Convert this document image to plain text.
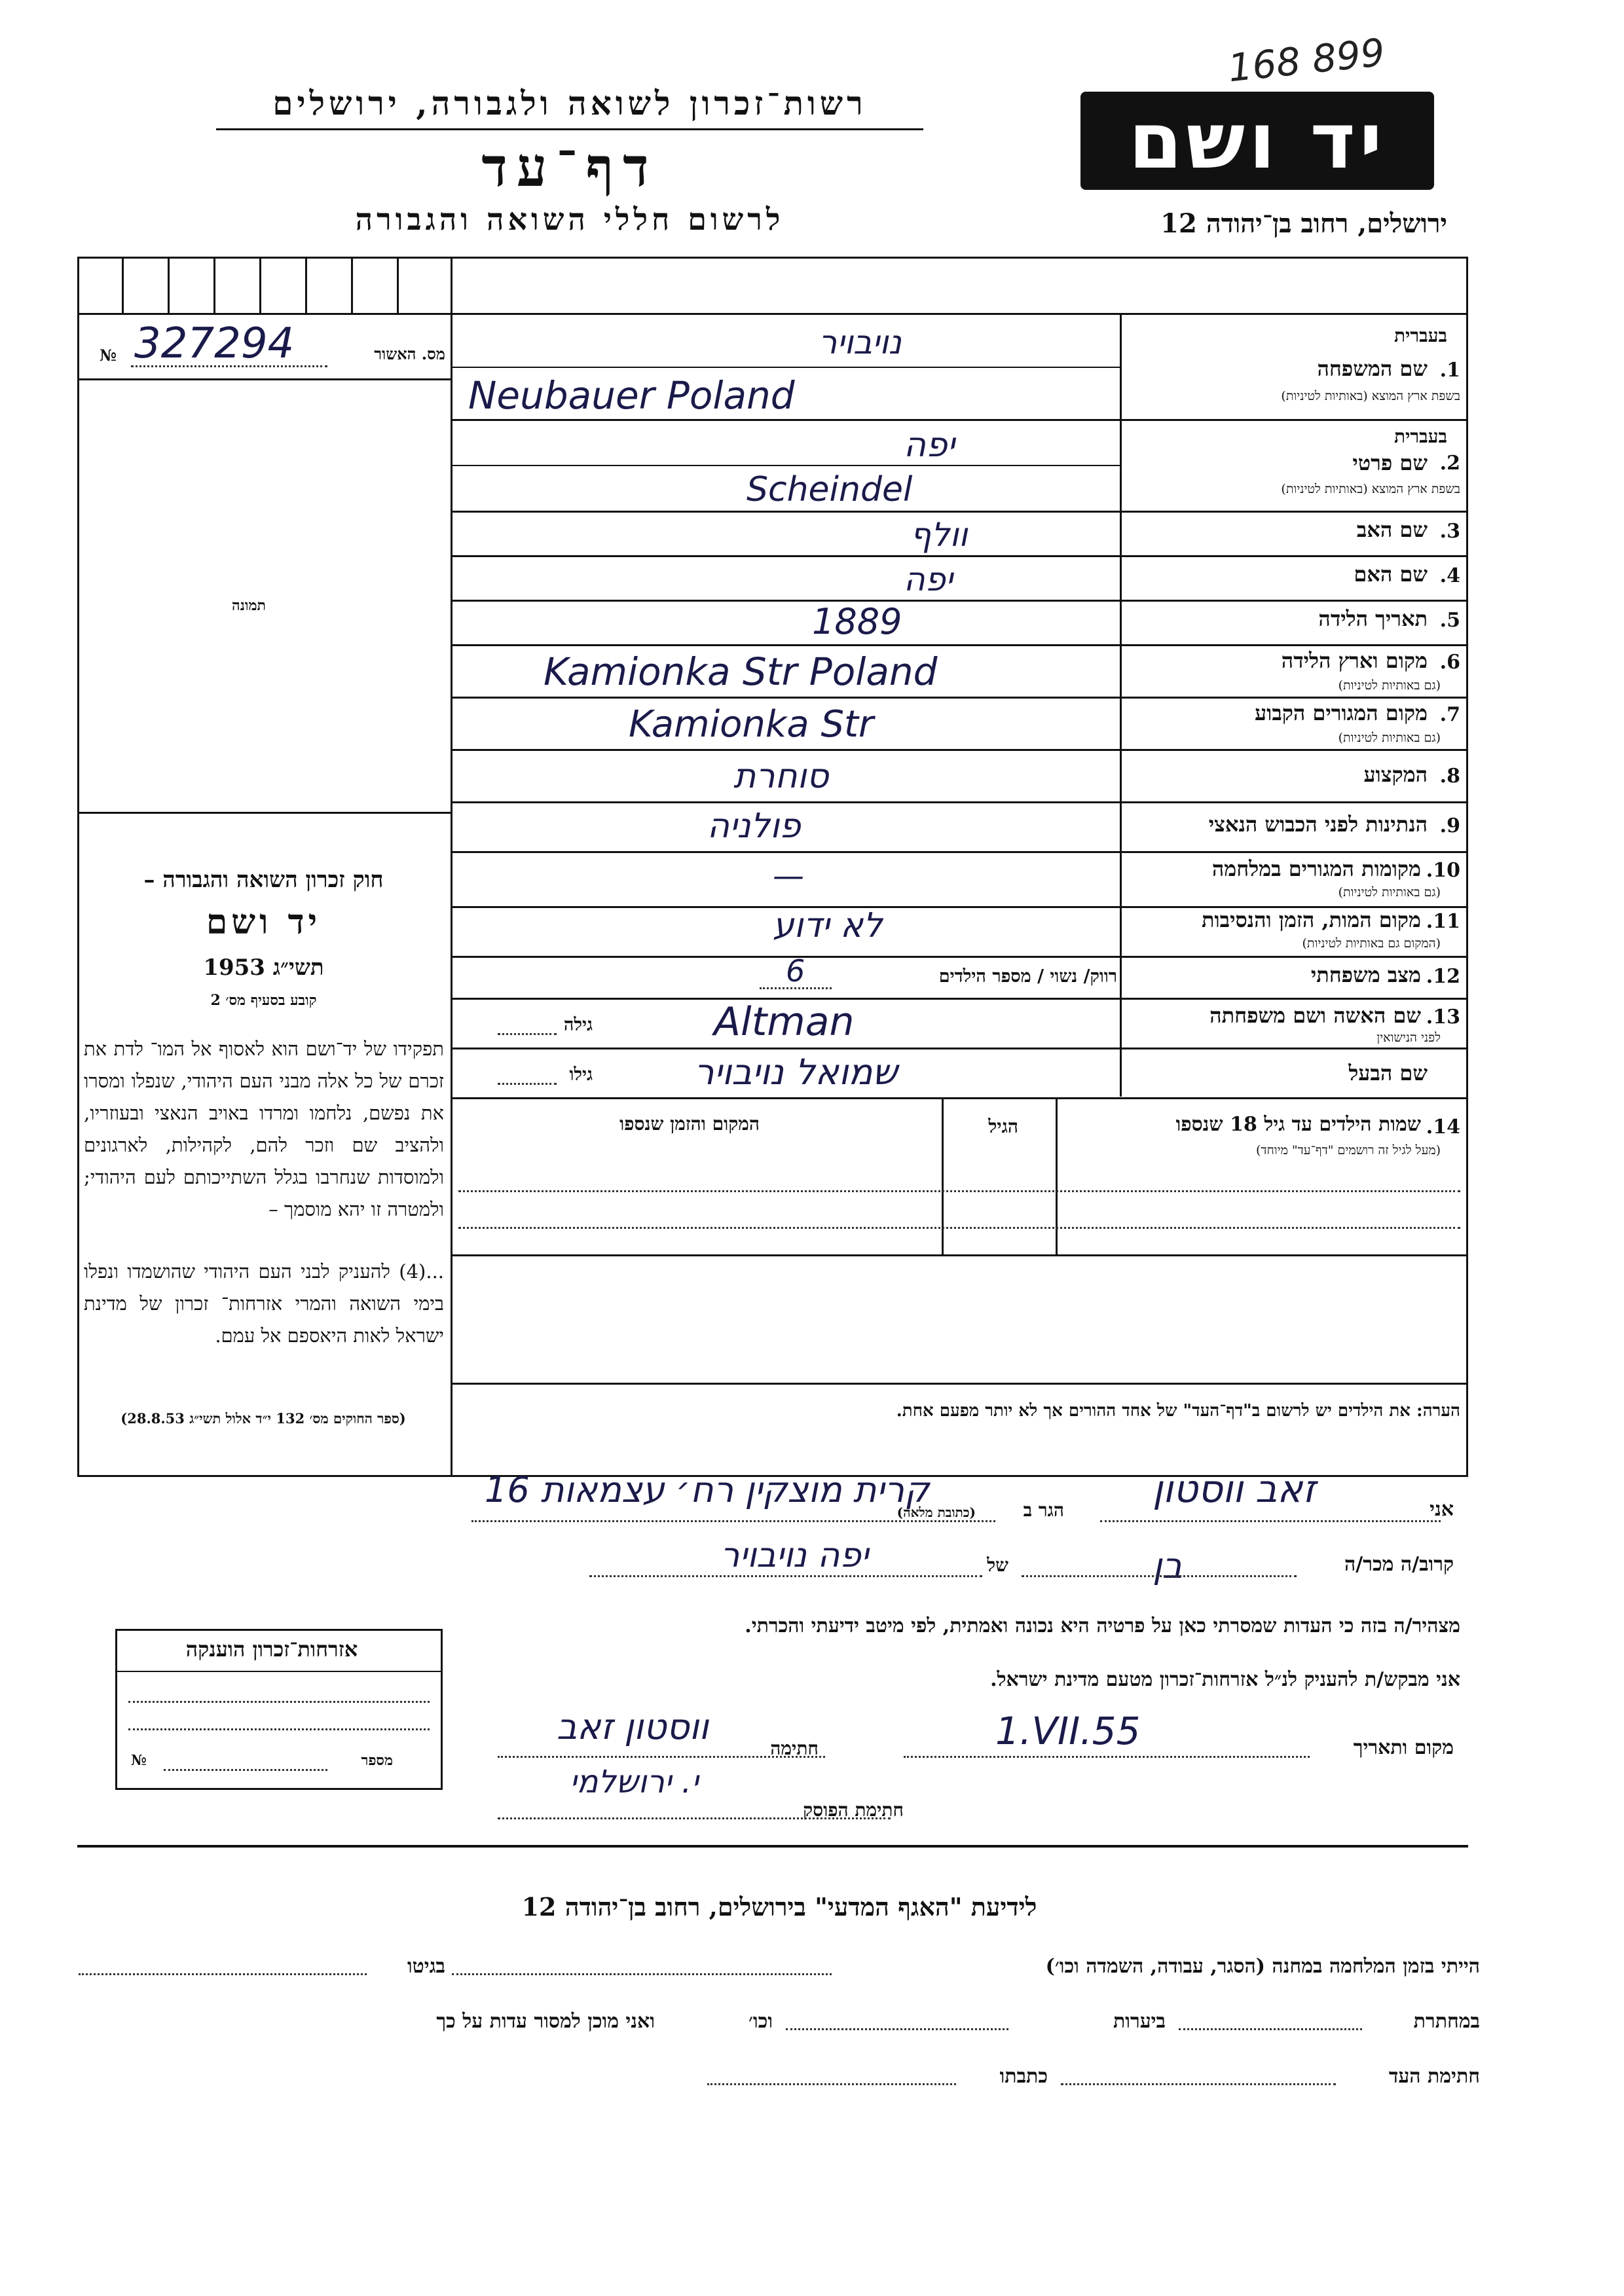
168 899
רשות־זכרון לשואה ולגבורה, ירושלים
דף־עד
לרשום חללי השואה והגבורה
יד ושם
ירושלים, רחוב בן־יהודה 12
327294
№	מס. האשור
תמונה
חוק זכרון השואה והגבורה –
יד ושם
תשי״ג 1953
קובע בסעיף מס׳ 2
תפקידו של יד־ושם הוא לאסוף אל המו־ לדת את זכרם של כל אלה מבני העם היהודי, שנפלו ומסרו את נפשם, נלחמו ומרדו באויב הנאצי ובעוזריו, ולהציב שם וזכר להם, לקהילות, לארגונים ולמוסדות שנחרבו בגלל השתייכותם לעם היהודי; ולמטרה זו יהא מוסמך –
...(4) להעניק לבני העם היהודי שהושמדו ונפלו בימי השואה והמרי אזרחות־ זכרון של מדינת ישראל לאות היאספם אל עמם.
(ספר החוקים מס׳ 132 י״ד אלול תשי״ג 28.8.53)
בעברית
1.
שם המשפחה
בשפת ארץ המוצא (באותיות לטיניות)
נויבויר
Neubauer Poland
בעברית
2.
שם פרטי
בשפת ארץ המוצא (באותיות לטיניות)
יפה
Scheindel
3.
שם האב
וולף
4.
שם האם
יפה
5.
תאריך הלידה
1889
6.
מקום וארץ הלידה
(גם באותיות לטיניות)
Kamionka Str Poland
7.
מקום המגורים הקבוע
(גם באותיות לטיניות)
Kamionka Str
8.
המקצוע
סוחרת
9.
הנתינות לפני הכבוש הנאצי
פולניה
10.
מקומות המגורים במלחמה
(גם באותיות לטיניות)
—
11.
מקום המות, הזמן והנסיבות
(המקום גם באותיות לטיניות)
לא ידוע
12.
מצב משפחתי
רווק/ נשוי / מספר הילדים
6
13.
שם האשה ושם משפחתה
לפני הנישואין
גילה	Altman
שם הבעל
גילו	שמואל נויבויר
14.
שמות הילדים עד גיל 18 שנספו
(מעל לגיל זה רושמים "דף־עד" מיוחד)
הגיל
המקום והזמן שנספו
הערה: את הילדים יש לרשום ב"דף־העד" של אחד ההורים אך לא יותר מפעם אחת.
אני
זאב ווסטון
הגר ב
(כתובת מלאה)
קרית מוצקין רח׳ עצמאות 16
קרוב/ה מכר/ה
בן
של
יפה נויבויר
מצהיר/ה בזה כי העדות שמסרתי כאן על פרטיה היא נכונה ואמתית, לפי מיטב ידיעתי והכרתי.
אני מבקש/ת להעניק לנ״ל אזרחות־זכרון מטעם מדינת ישראל.
מקום ותאריך
1.VII.55
חתימה
ווסטון זאב
י. ירושלמי
חתימת הפוסק
אזרחות־זכרון הוענקה
מספר
№
לידיעת "האגף המדעי" בירושלים, רחוב בן־יהודה 12
הייתי בזמן המלחמה במחנה (הסגר, עבודה, השמדה וכו׳)
בגיטו
במחתרת
ביערות
וכו׳
ואני מוכן למסור עדות על כך
חתימת העד
כתבתו
